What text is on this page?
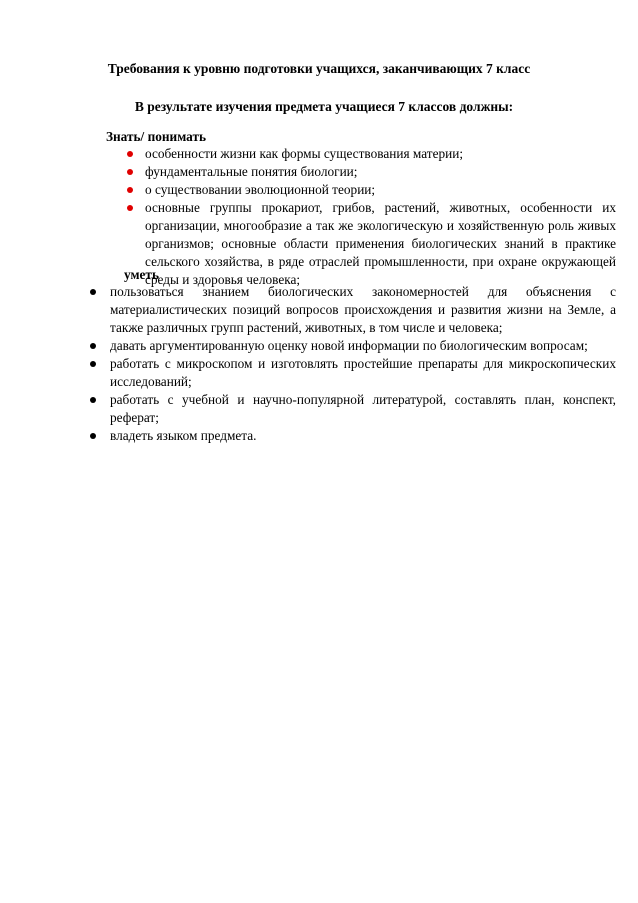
Требования к уровню подготовки учащихся, заканчивающих 7 класс
В результате изучения предмета учащиеся 7 классов должны:

Знать/ понимать

особенности жизни как формы существования материи;
фундаментальные понятия биологии;
о существовании эволюционной теории;
основные группы прокариот, грибов, растений, животных, особенности их организации, многообразие а так же экологическую и хозяйственную роль живых организмов; основные области применения биологических знаний в практике сельского хозяйства, в ряде отраслей промышленности, при охране окружающей среды и здоровья человека;

уметь

пользоваться знанием биологических закономерностей для объяснения с материалистических позиций вопросов происхождения и развития жизни на Земле, а также различных групп растений, животных, в том числе и человека;
давать аргументированную оценку новой информации по биологическим вопросам;
работать с микроскопом и изготовлять простейшие препараты для микроскопических исследований;
работать с учебной и научно-популярной литературой, составлять план, конспект, реферат;
владеть языком предмета.
